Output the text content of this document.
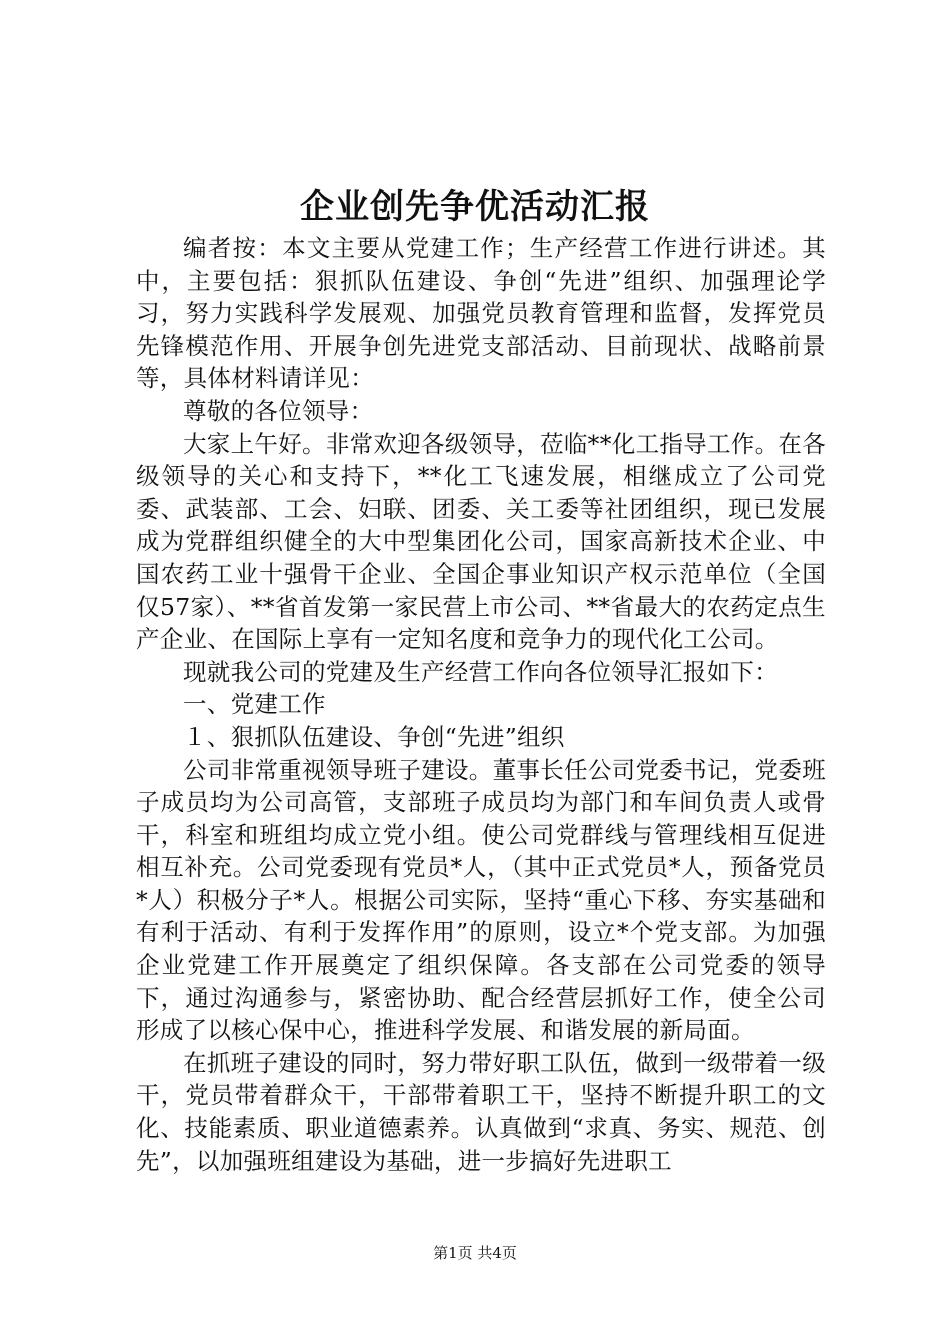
企业创先争优活动汇报

编者按：本文主要从党建工作；生产经营工作进行讲述。其中，主要包括：狠抓队伍建设、争创“先进”组织、加强理论学习，努力实践科学发展观、加强党员教育管理和监督，发挥党员先锋模范作用、开展争创先进党支部活动、目前现状、战略前景等，具体材料请详见：

尊敬的各位领导：

大家上午好。非常欢迎各级领导，莅临**化工指导工作。在各级领导的关心和支持下，**化工飞速发展，相继成立了公司党委、武装部、工会、妇联、团委、关工委等社团组织，现已发展成为党群组织健全的大中型集团化公司，国家高新技术企业、中国农药工业十强骨干企业、全国企事业知识产权示范单位（全国仅57家）、**省首发第一家民营上市公司、**省最大的农药定点生产企业、在国际上享有一定知名度和竞争力的现代化工公司。

现就我公司的党建及生产经营工作向各位领导汇报如下：

一、党建工作

１、狠抓队伍建设、争创“先进”组织

公司非常重视领导班子建设。董事长任公司党委书记，党委班子成员均为公司高管，支部班子成员均为部门和车间负责人或骨干，科室和班组均成立党小组。使公司党群线与管理线相互促进相互补充。公司党委现有党员*人，（其中正式党员*人，预备党员*人）积极分子*人。根据公司实际，坚持“重心下移、夯实基础和有利于活动、有利于发挥作用”的原则，设立*个党支部。为加强企业党建工作开展奠定了组织保障。各支部在公司党委的领导下，通过沟通参与，紧密协助、配合经营层抓好工作，使全公司形成了以核心保中心，推进科学发展、和谐发展的新局面。

在抓班子建设的同时，努力带好职工队伍，做到一级带着一级干，党员带着群众干，干部带着职工干，坚持不断提升职工的文化、技能素质、职业道德素养。认真做到“求真、务实、规范、创先”，以加强班组建设为基础，进一步搞好先进职工

第1页 共4页
